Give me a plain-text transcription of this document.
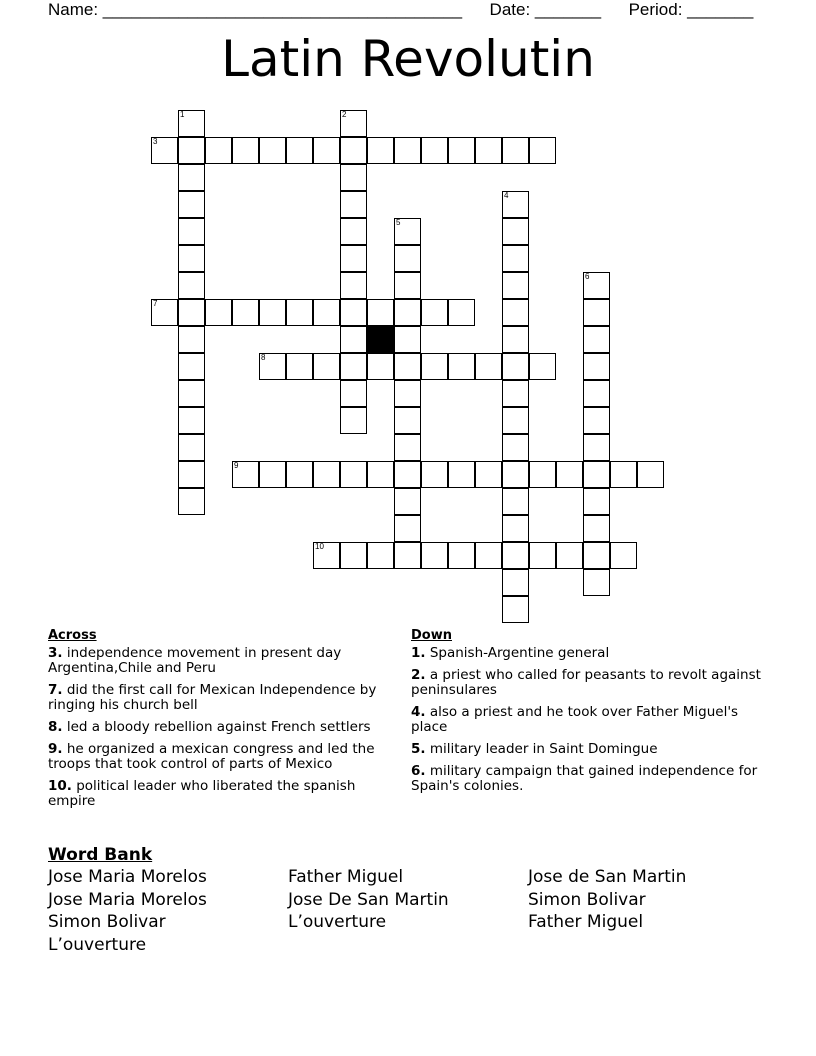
Name: ______________________________________ Date: _______ Period: _______
Latin Revolutin
1	2
3
4
5
6
7
8
9
10
Across
3. independence movement in present day Argentina,Chile and Peru
7. did the first call for Mexican Independence by ringing his church bell
8. led a bloody rebellion against French settlers
9. he organized a mexican congress and led the troops that took control of parts of Mexico
10. political leader who liberated the spanish empire
Down
1. Spanish-Argentine general
2. a priest who called for peasants to revolt against peninsulares
4. also a priest and he took over Father Miguel's place
5. military leader in Saint Domingue
6. military campaign that gained independence for Spain's colonies.
Word Bank
Jose Maria Morelos	Father Miguel	Jose de San Martin
Jose Maria Morelos	Jose De San Martin	Simon Bolivar
Simon Bolivar	L’ouverture	Father Miguel
L’ouverture
